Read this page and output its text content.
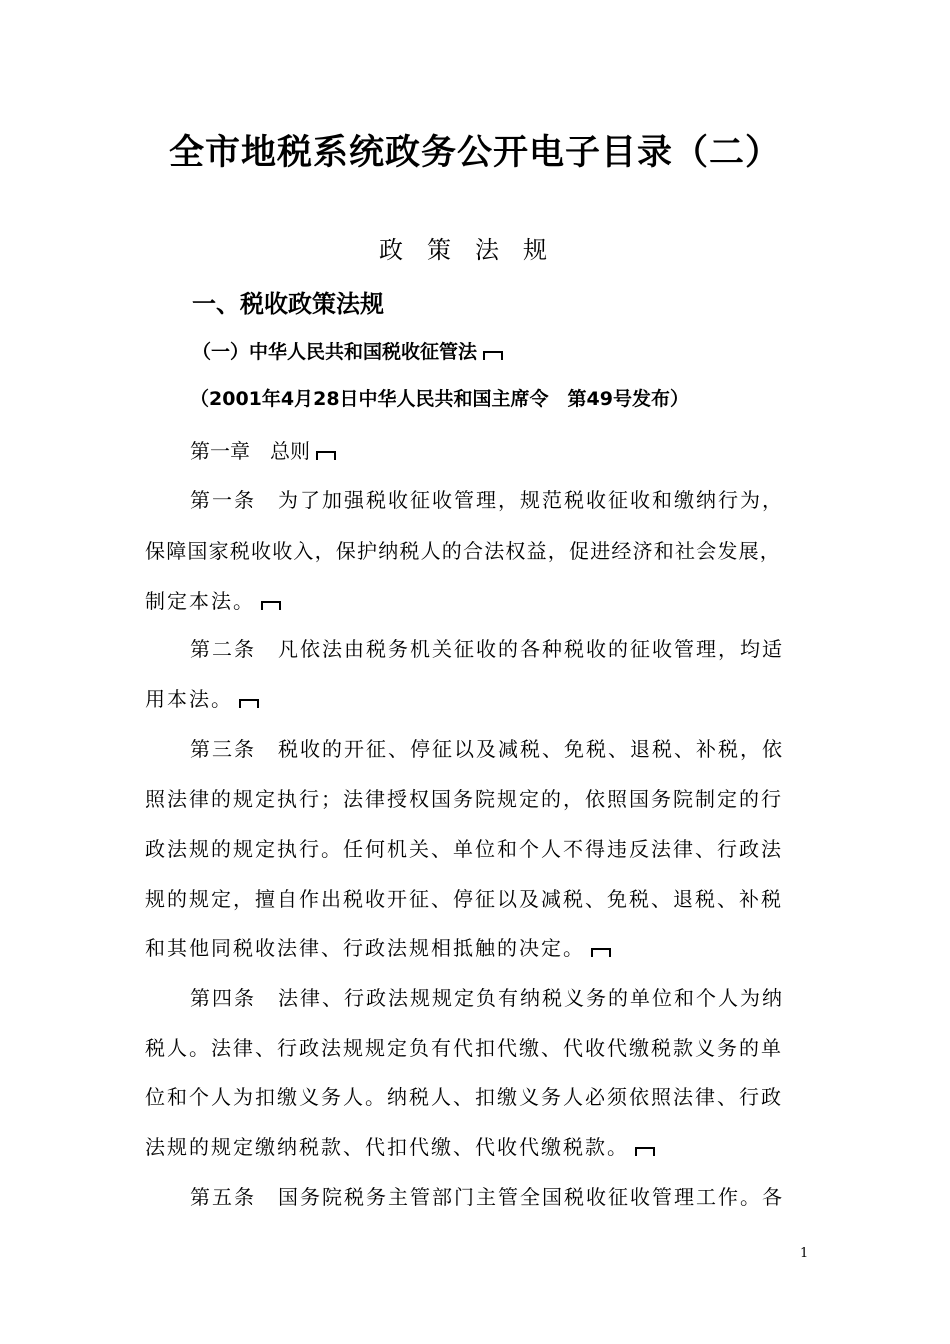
全市地税系统政务公开电子目录（二）
政策法规
一、税收政策法规
（一）中华人民共和国税收征管法
（2001年4月28日中华人民共和国主席令　第49号发布）
第一章　总则
第一条　为了加强税收征收管理，规范税收征收和缴纳行为，
保障国家税收收入，保护纳税人的合法权益，促进经济和社会发展，
制定本法。
第二条　凡依法由税务机关征收的各种税收的征收管理，均适
用本法。
第三条　税收的开征、停征以及减税、免税、退税、补税，依
照法律的规定执行；法律授权国务院规定的，依照国务院制定的行
政法规的规定执行。任何机关、单位和个人不得违反法律、行政法
规的规定，擅自作出税收开征、停征以及减税、免税、退税、补税
和其他同税收法律、行政法规相抵触的决定。
第四条　法律、行政法规规定负有纳税义务的单位和个人为纳
税人。法律、行政法规规定负有代扣代缴、代收代缴税款义务的单
位和个人为扣缴义务人。纳税人、扣缴义务人必须依照法律、行政
法规的规定缴纳税款、代扣代缴、代收代缴税款。
第五条　国务院税务主管部门主管全国税收征收管理工作。各
1
